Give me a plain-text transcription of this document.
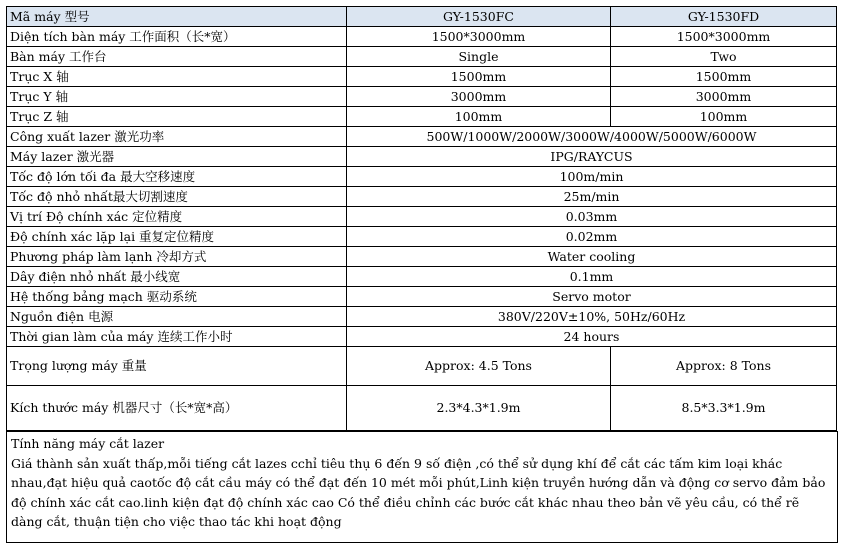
Mã máy 型号	GY-1530FC	GY-1530FD
Diện tích bàn máy 工作面积（长*宽）	1500*3000mm	1500*3000mm
Bàn máy 工作台	Single	Two
Trục X 轴	1500mm	1500mm
Trục Y 轴	3000mm	3000mm
Trục Z 轴	100mm	100mm
Công xuất lazer 激光功率	500W/1000W/2000W/3000W/4000W/5000W/6000W	
Máy lazer 激光器	IPG/RAYCUS	
Tốc độ lớn tối đa 最大空移速度	100m/min	
Tốc độ nhỏ nhất最大切割速度	25m/min	
Vị trí Độ chính xác 定位精度	0.03mm	
Độ chính xác lặp lại 重复定位精度	0.02mm	
Phương pháp làm lạnh 冷却方式	Water cooling	
Dây điện nhỏ nhất 最小线宽	0.1mm	
Hệ thống bảng mạch 驱动系统	Servo motor	
Nguồn điện 电源	380V/220V±10%, 50Hz/60Hz	
Thời gian làm của máy 连续工作小时	24 hours	
Trọng lượng máy 重量	Approx: 4.5 Tons	Approx: 8 Tons
Kích thước máy 机器尺寸（长*宽*高）	2.3*4.3*1.9m	8.5*3.3*1.9m
Tính năng máy cắt lazer
Giá thành sản xuất thấp,mỗi tiếng cắt lazes cchỉ tiêu thụ 6 đến 9 số điện ,có thể sử dụng khí để cắt các tấm kim loại khác nhau,đạt hiệu quả caotốc độ cắt cầu máy có thể đạt đến 10 mét mỗi phút,Linh kiện truyền hướng dẫn và động cơ servo đảm bảo độ chính xác cắt cao.linh kiện đạt độ chính xác cao Có thể điều chỉnh các bước cắt khác nhau theo bản vẽ yêu cầu, có thể rẽ dàng cắt, thuận tiện cho việc thao tác khi hoạt động
